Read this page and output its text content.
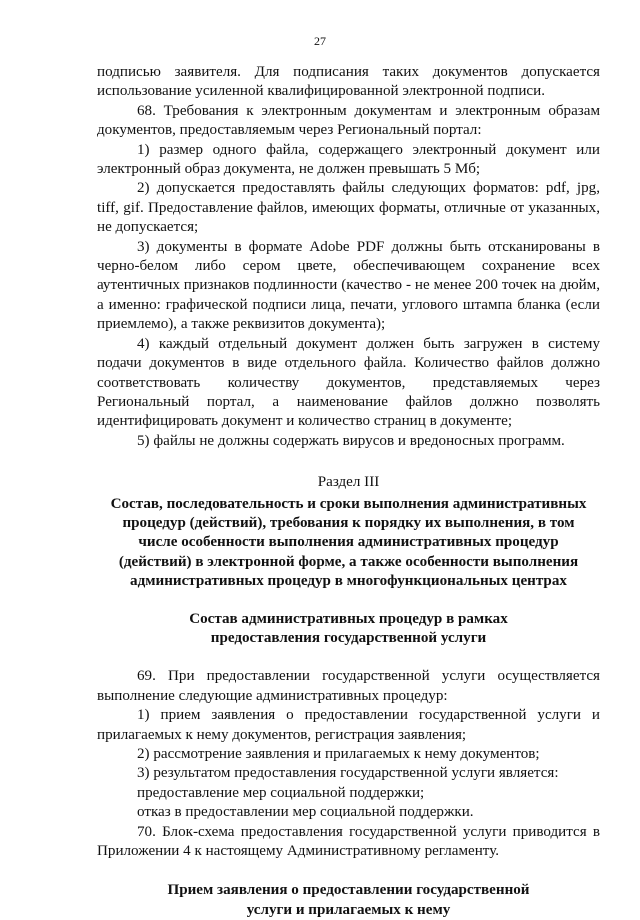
27

подписью заявителя. Для подписания таких документов допускается использование усиленной квалифицированной электронной подписи.

68. Требования к электронным документам и электронным образам документов, предоставляемым через Региональный портал:

1) размер одного файла, содержащего электронный документ или электронный образ документа, не должен превышать 5 Мб;

2) допускается предоставлять файлы следующих форматов: pdf, jpg, tiff, gif. Предоставление файлов, имеющих форматы, отличные от указанных, не допускается;

3) документы в формате Adobe PDF должны быть отсканированы в черно-белом либо сером цвете, обеспечивающем сохранение всех аутентичных признаков подлинности (качество - не менее 200 точек на дюйм, а именно: графической подписи лица, печати, углового штампа бланка (если приемлемо), а также реквизитов документа);

4) каждый отдельный документ должен быть загружен в систему подачи документов в виде отдельного файла. Количество файлов должно соответствовать количеству документов, представляемых через Региональный портал, а наименование файлов должно позволять идентифицировать документ и количество страниц в документе;

5) файлы не должны содержать вирусов и вредоносных программ.

Раздел III
Состав, последовательность и сроки выполнения административных процедур (действий), требования к порядку их выполнения, в том числе особенности выполнения административных процедур (действий) в электронной форме, а также особенности выполнения административных процедур в многофункциональных центрах
Состав административных процедур в рамках предоставления государственной услуги

69. При предоставлении государственной услуги осуществляется выполнение следующие административных процедур:

1) прием заявления о предоставлении государственной услуги и прилагаемых к нему документов, регистрация заявления;

2) рассмотрение заявления и прилагаемых к нему документов;

3) результатом предоставления государственной услуги является:

предоставление мер социальной поддержки;

отказ в предоставлении мер социальной поддержки.

70. Блок-схема предоставления государственной услуги приводится в Приложении 4 к настоящему Административному регламенту.

Прием заявления о предоставлении государственной услуги и прилагаемых к нему
